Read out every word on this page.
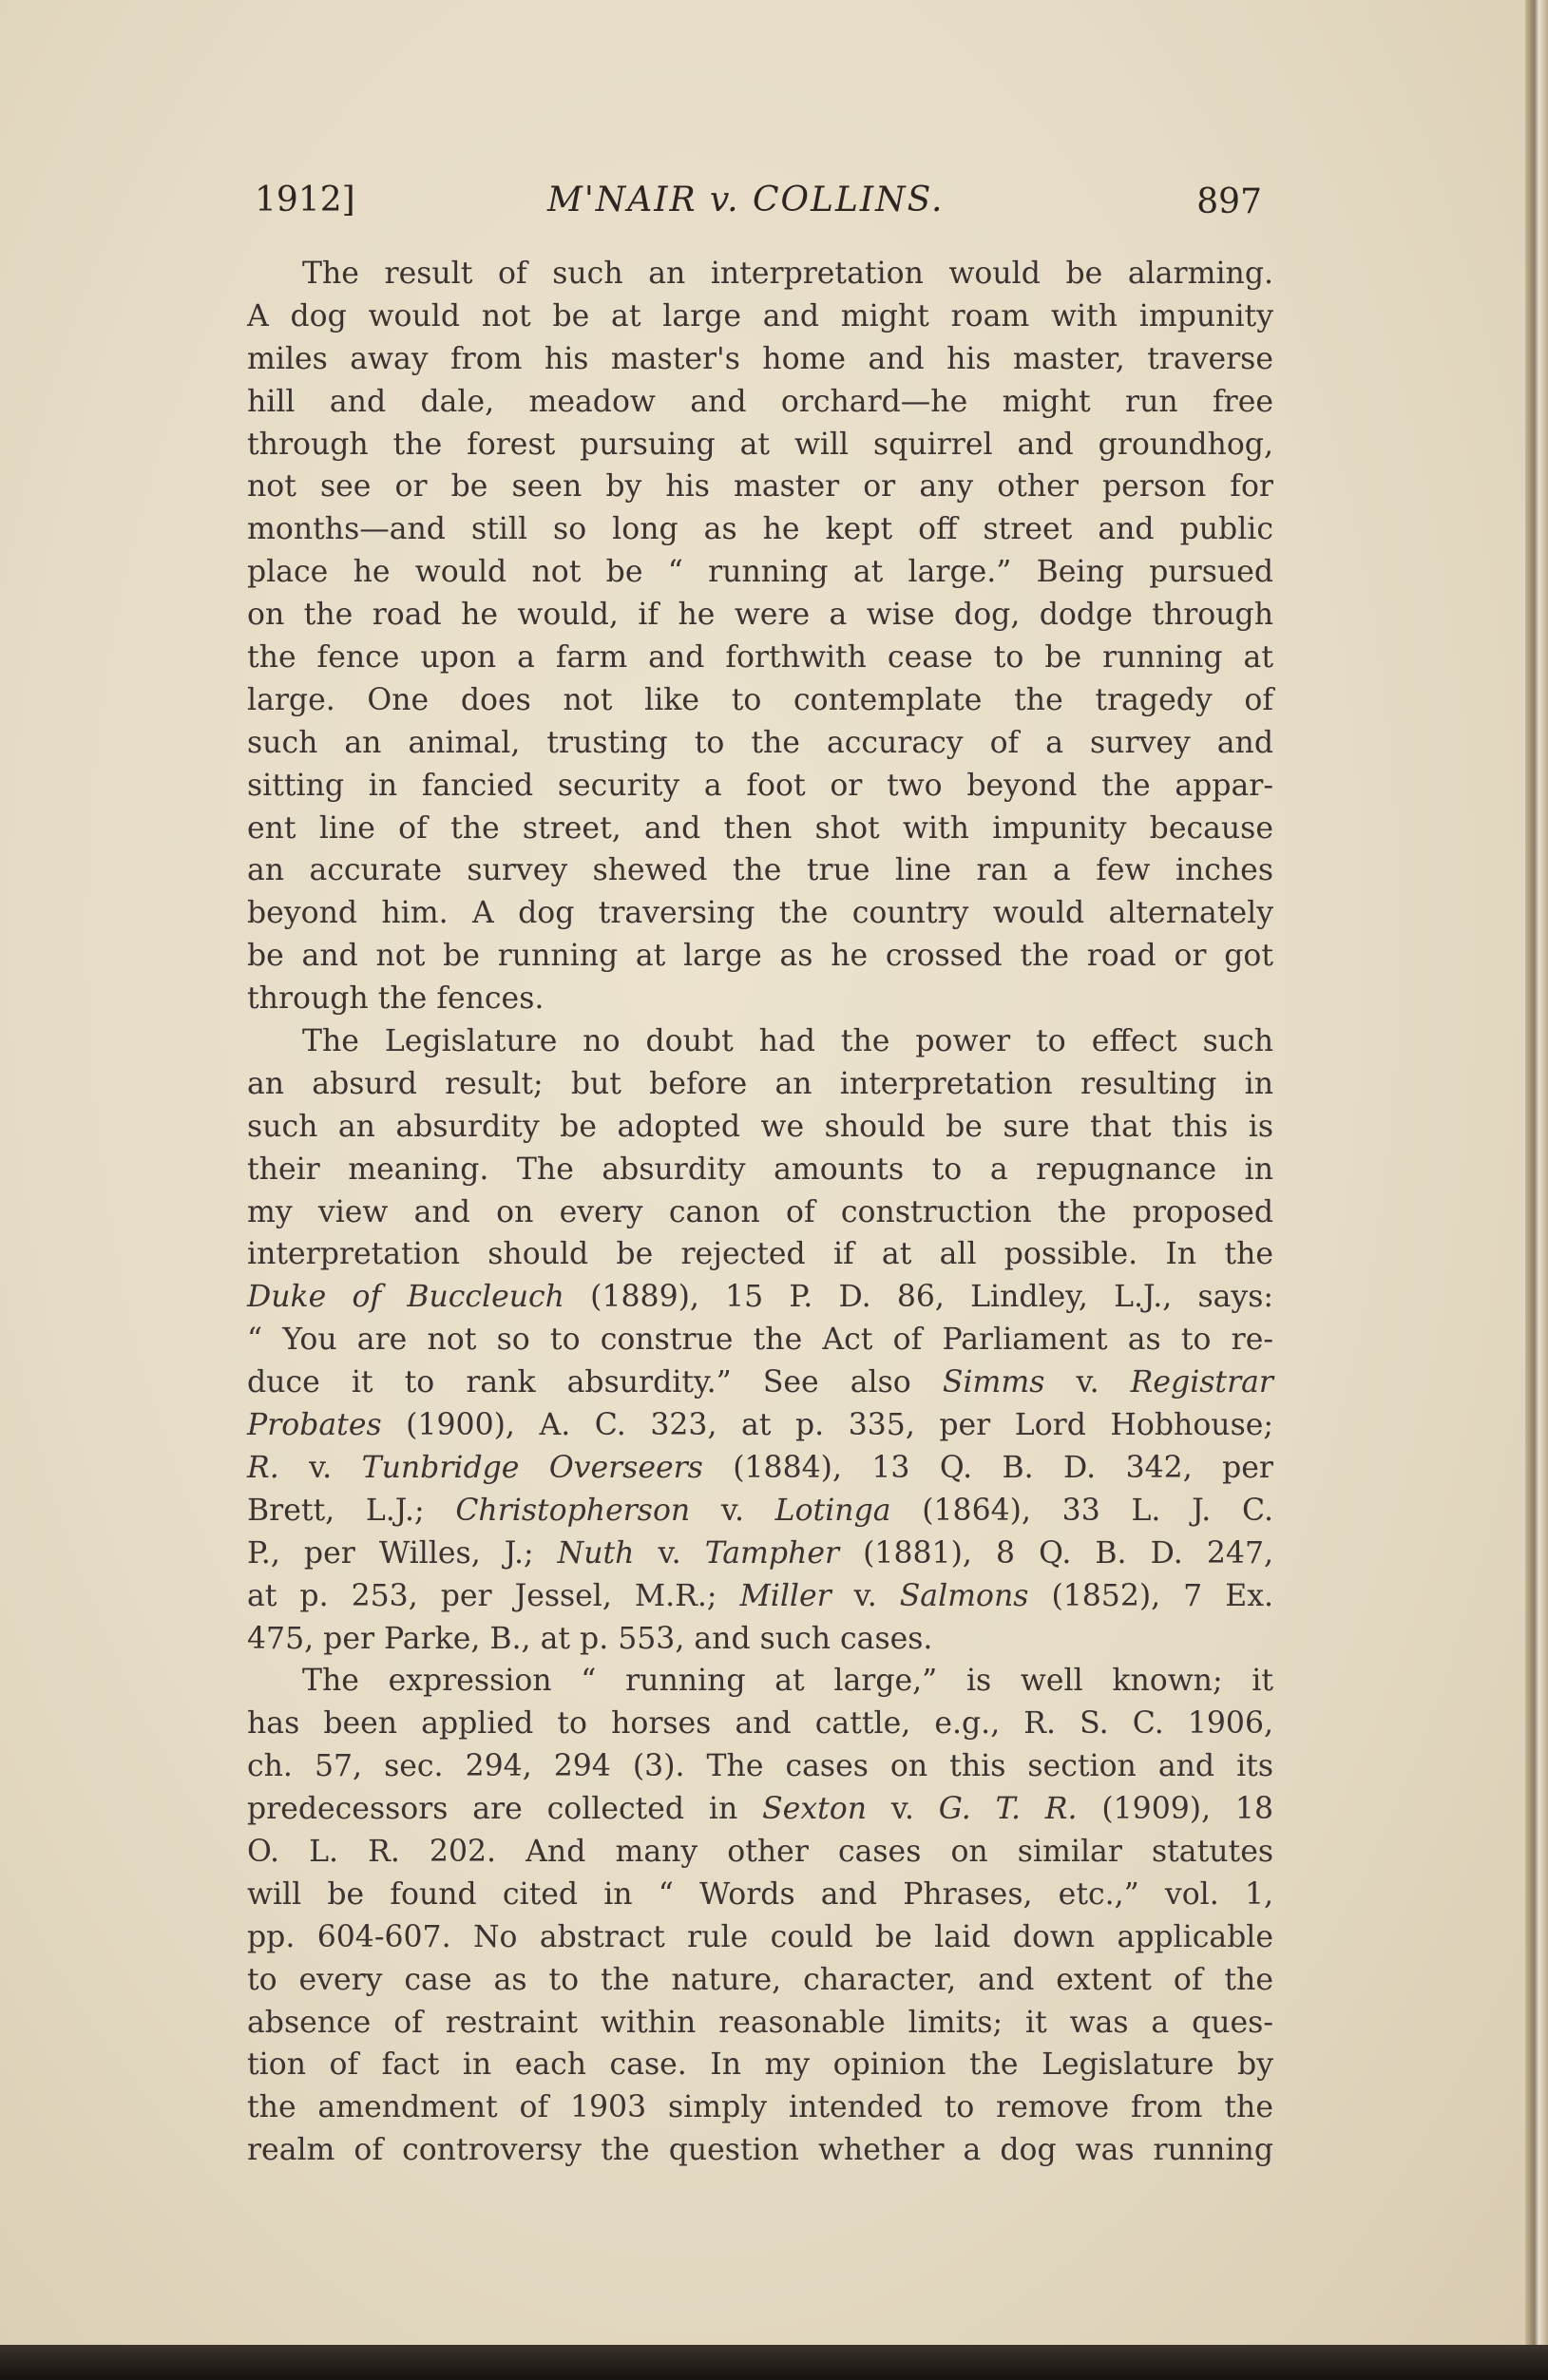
1912]	M'NAIR v. COLLINS.	897
The result of such an interpretation would be alarming.
A dog would not be at large and might roam with impunity
miles away from his master's home and his master, traverse
hill and dale, meadow and orchard—he might run free
through the forest pursuing at will squirrel and groundhog,
not see or be seen by his master or any other person for
months—and still so long as he kept off street and public
place he would not be “ running at large.” Being pursued
on the road he would, if he were a wise dog, dodge through
the fence upon a farm and forthwith cease to be running at
large. One does not like to contemplate the tragedy of
such an animal, trusting to the accuracy of a survey and
sitting in fancied security a foot or two beyond the appar-
ent line of the street, and then shot with impunity because
an accurate survey shewed the true line ran a few inches
beyond him. A dog traversing the country would alternately
be and not be running at large as he crossed the road or got
through the fences.
The Legislature no doubt had the power to effect such
an absurd result; but before an interpretation resulting in
such an absurdity be adopted we should be sure that this is
their meaning. The absurdity amounts to a repugnance in
my view and on every canon of construction the proposed
interpretation should be rejected if at all possible. In the
Duke of Buccleuch (1889), 15 P. D. 86, Lindley, L.J., says:
“ You are not so to construe the Act of Parliament as to re-
duce it to rank absurdity.” See also Simms v. Registrar
Probates (1900), A. C. 323, at p. 335, per Lord Hobhouse;
R. v. Tunbridge Overseers (1884), 13 Q. B. D. 342, per
Brett, L.J.; Christopherson v. Lotinga (1864), 33 L. J. C.
P., per Willes, J.; Nuth v. Tampher (1881), 8 Q. B. D. 247,
at p. 253, per Jessel, M.R.; Miller v. Salmons (1852), 7 Ex.
475, per Parke, B., at p. 553, and such cases.
The expression “ running at large,” is well known; it
has been applied to horses and cattle, e.g., R. S. C. 1906,
ch. 57, sec. 294, 294 (3). The cases on this section and its
predecessors are collected in Sexton v. G. T. R. (1909), 18
O. L. R. 202. And many other cases on similar statutes
will be found cited in “ Words and Phrases, etc.,” vol. 1,
pp. 604-607. No abstract rule could be laid down applicable
to every case as to the nature, character, and extent of the
absence of restraint within reasonable limits; it was a ques-
tion of fact in each case. In my opinion the Legislature by
the amendment of 1903 simply intended to remove from the
realm of controversy the question whether a dog was running
